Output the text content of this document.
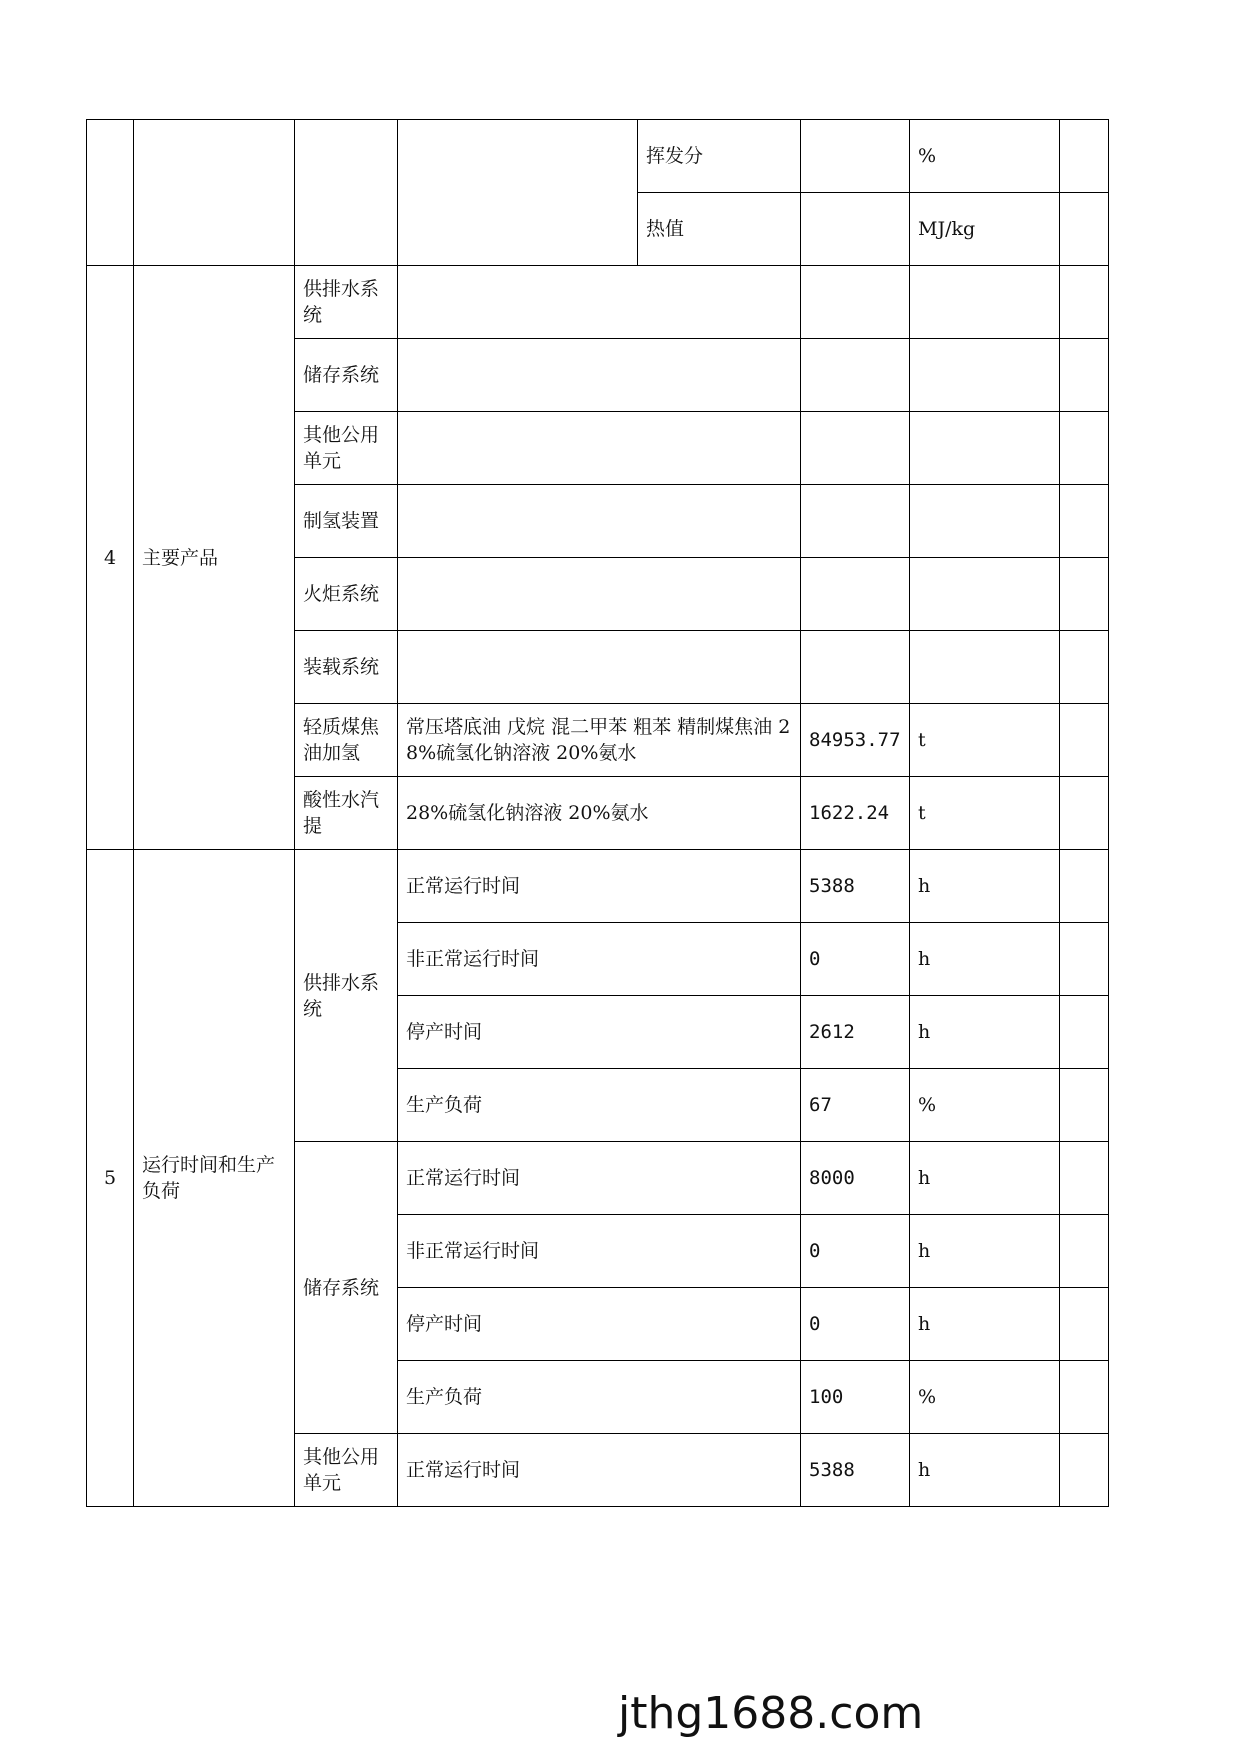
				挥发分		%	
				热值		MJ/kg	
4	主要产品	供排水系统					
		储存系统					
		其他公用单元					
		制氢装置					
		火炬系统					
		装载系统					
		轻质煤焦油加氢	常压塔底油 戊烷 混二甲苯 粗苯 精制煤焦油 28%硫氢化钠溶液 20%氨水		84953.77	t	
		酸性水汽提	28%硫氢化钠溶液 20%氨水		1622.24	t	
5	运行时间和生产负荷	供排水系统	正常运行时间		5388	h	
			非正常运行时间		0	h	
			停产时间		2612	h	
			生产负荷		67	%	
		储存系统	正常运行时间		8000	h	
			非正常运行时间		0	h	
			停产时间		0	h	
			生产负荷		100	%	
		其他公用单元	正常运行时间		5388	h	
jthg1688.com
